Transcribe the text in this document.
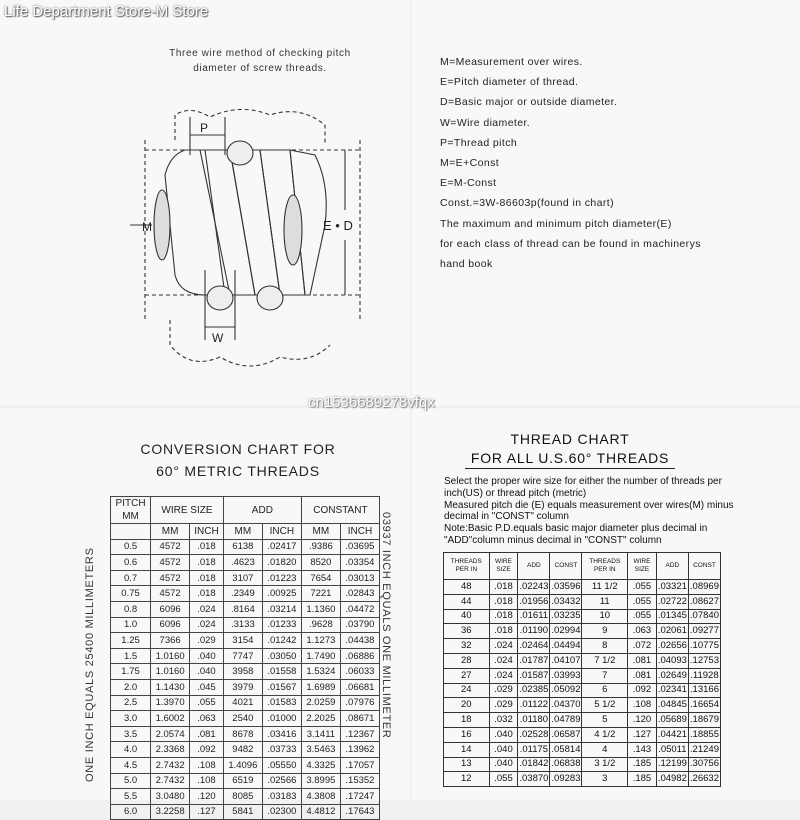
Life Department Store-M Store
cn1536689278vfqx
Three wire method of checking pitch
diameter of screw threads.
P
M	E • D
W
M=Measurement over wires.
E=Pitch diameter of thread.
D=Basic major or outside diameter.
W=Wire diameter.
P=Thread pitch
M=E+Const
E=M-Const
Const.=3W-86603p(found in chart)
The maximum and minimum pitch diameter(E)
for each class of thread can be found in machinerys
hand book
CONVERSION CHART FOR
60° METRIC THREADS
ONE INCH EQUALS 25400 MILLIMETERS	03937 INCH EQUALS ONE MILLIMETER
PITCH
MM	WIRE SIZE		ADD		CONSTANT	
	MM	INCH	MM	INCH	MM	INCH
0.5	4572	.018	6138	.02417	.9386	.03695
0.6	4572	.018	.4623	.01820	8520	.03354
0.7	4572	.018	3107	.01223	7654	.03013
0.75	4572	.018	.2349	.00925	7221	.02843
0.8	6096	.024	.8164	.03214	1.1360	.04472
1.0	6096	.024	.3133	.01233	.9628	.03790
1.25	7366	.029	3154	.01242	1.1273	.04438
1.5	1.0160	.040	7747	.03050	1.7490	.06886
1.75	1.0160	.040	3958	.01558	1.5324	.06033
2.0	1.1430	.045	3979	.01567	1.6989	.06681
2.5	1.3970	.055	4021	.01583	2.0259	.07976
3.0	1.6002	.063	2540	.01000	2.2025	.08671
3.5	2.0574	.081	8678	.03416	3.1411	.12367
4.0	2.3368	.092	9482	.03733	3.5463	.13962
4.5	2.7432	.108	1.4096	.05550	4.3325	.17057
5.0	2.7432	.108	6519	.02566	3.8995	.15352
5.5	3.0480	.120	8085	.03183	4.3808	.17247
6.0	3.2258	.127	5841	.02300	4.4812	.17643
THREAD CHART
FOR ALL U.S.60° THREADS
Select the proper wire size for either the number of threads per inch(US) or thread pitch (metric)
Measured pitch die (E) equals measurement over wires(M) minus decimal in "CONST" column
Note:Basic P.D.equals basic major diameter plus decimal in "ADD"column minus decimal in "CONST" column
THREADS PER IN	WIRE SIZE	ADD	CONST	THREADS PER IN	WIRE SIZE	ADD	CONST
48	.018	.02243	.03596	11 1/2	.055	.03321	.08969
44	.018	.01956	.03432	11	.055	.02722	.08627
40	.018	.01611	.03235	10	.055	.01345	.07840
36	.018	.01190	.02994	9	.063	.02061	.09277
32	.024	.02464	.04494	8	.072	.02656	.10775
28	.024	.01787	.04107	7 1/2	.081	.04093	.12753
27	.024	.01587	.03993	7	.081	.02649	.11928
24	.029	.02385	.05092	6	.092	.02341	.13166
20	.029	.01122	.04370	5 1/2	.108	.04845	.16654
18	.032	.01180	.04789	5	.120	.05689	.18679
16	.040	.02528	.06587	4 1/2	.127	.04421	.18855
14	.040	.01175	.05814	4	.143	.05011	.21249
13	.040	.01842	.06838	3 1/2	.185	.12199	.30756
12	.055	.03870	.09283	3	.185	.04982	.26632
